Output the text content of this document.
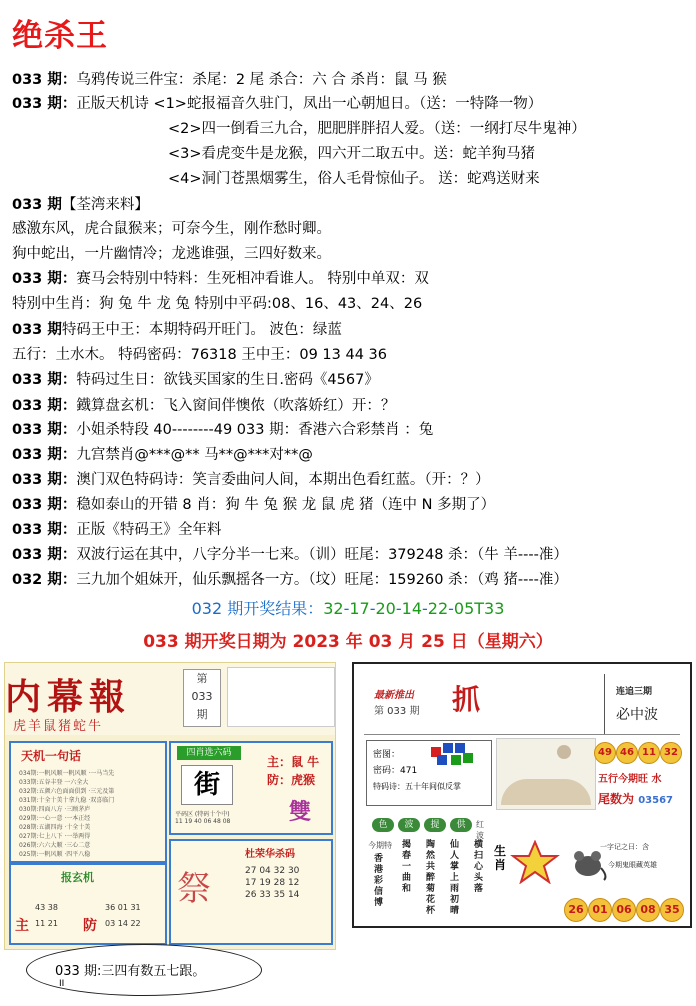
绝杀王
033 期：乌鸦传说三件宝：杀尾：2 尾 杀合：六 合 杀肖：鼠 马 猴
033 期：正版天机诗 <1>蛇报福音久驻门，凤出一心朝旭日。（送：一特降一物）
<2>四一倒看三九合，肥肥胖胖招人爱。（送：一纲打尽牛鬼神）
<3>看虎变牛是龙猴，四六开二取五中。送：蛇羊狗马猪
<4>洞门苍黑烟雾生，俗人毛骨惊仙子。 送：蛇鸡送财来
033 期【荃湾来料】
感激东风，虎合鼠猴来；可奈今生，刚作愁时卿。
狗中蛇出，一片幽情冷；龙逃谁强，三四好数来。
033 期：赛马会特别中特料：生死相冲看谁人。 特别中单双：双
特别中生肖：狗 兔 牛 龙 兔 特别中平码:08、16、43、24、26
033 期特码王中王：本期特码开旺门。 波色：绿蓝
五行：土水木。 特码密码：76318 王中王：09 13 44 36
033 期：特码过生日：欲钱买国家的生日.密码《4567》
033 期：鐡算盘玄机：飞入窗间伴懊侬（吹落娇红）开：？
033 期：小姐杀特段 40--------49 033 期：香港六合彩禁肖 ：兔
033 期：九宫禁肖@***@** 马**@***对**@
033 期：澳门双色特码诗：笑言委曲问人间，本期出色看红蓝。（开：？）
033 期：稳如泰山的开错 8 肖：狗 牛 兔 猴 龙 鼠 虎 猪（连中 N 多期了）
033 期：正版《特码王》全年料
033 期：双波行运在其中，八字分半一七来。（训）旺尾：379248 杀：（牛 羊----准）
032 期：三九加个姐妹开，仙乐飘摇各一方。（坟）旺尾：159260 杀：（鸡 猪----准）
032 期开奖结果：32-17-20-14-22-05T33
033 期开奖日期为 2023 年 03 月 25 日（星期六）
内幕報
虎羊鼠猪蛇牛
第
033
期
天机一句话
034期:一帆风顺一帆风顺 ·一马当先
033期:五谷丰登 一六全大
032期:五颜六色面面俱到 ·三元及第
031期:十全十美十拿九稳 ·双喜临门
030期:四面八方 ·三顾茅庐
029期:一心一意 ·一本正经
028期:五湖四海 ·十全十美
027期:七上八下 ·一举两得
026期:六六大顺 ·三心二意
025期:一帆风顺 ·四平八稳
四肖选六码
街
平码区 (特码十个中)
11 19 40 06 48 08
主：鼠 牛
防：虎猴
雙
报玄机
主
43 38
11 21 防
36 01 31
03 14 22
祭
杜荣华杀码
27 04 32 30
17 19 28 12
26 33 35 14
最新推出
第 033 期 抓	连追三期
必中波
密图：
密码：471
特码诗：五十年间似反掌
49 46 11 32
五行今期旺 水
尾数为 03567
色	波	提	供	红波
今期特
香
港
彩
信
博
揭
春
一
曲
和
陶
然
共
醉
菊
花
杯
仙
人
掌
上
雨
初
晴
横
扫
心
头
落
生
肖
一字记之曰：含
今期鬼眼藏英雄
26 01 06 08 35
033 期:三四有数五七跟。
II
